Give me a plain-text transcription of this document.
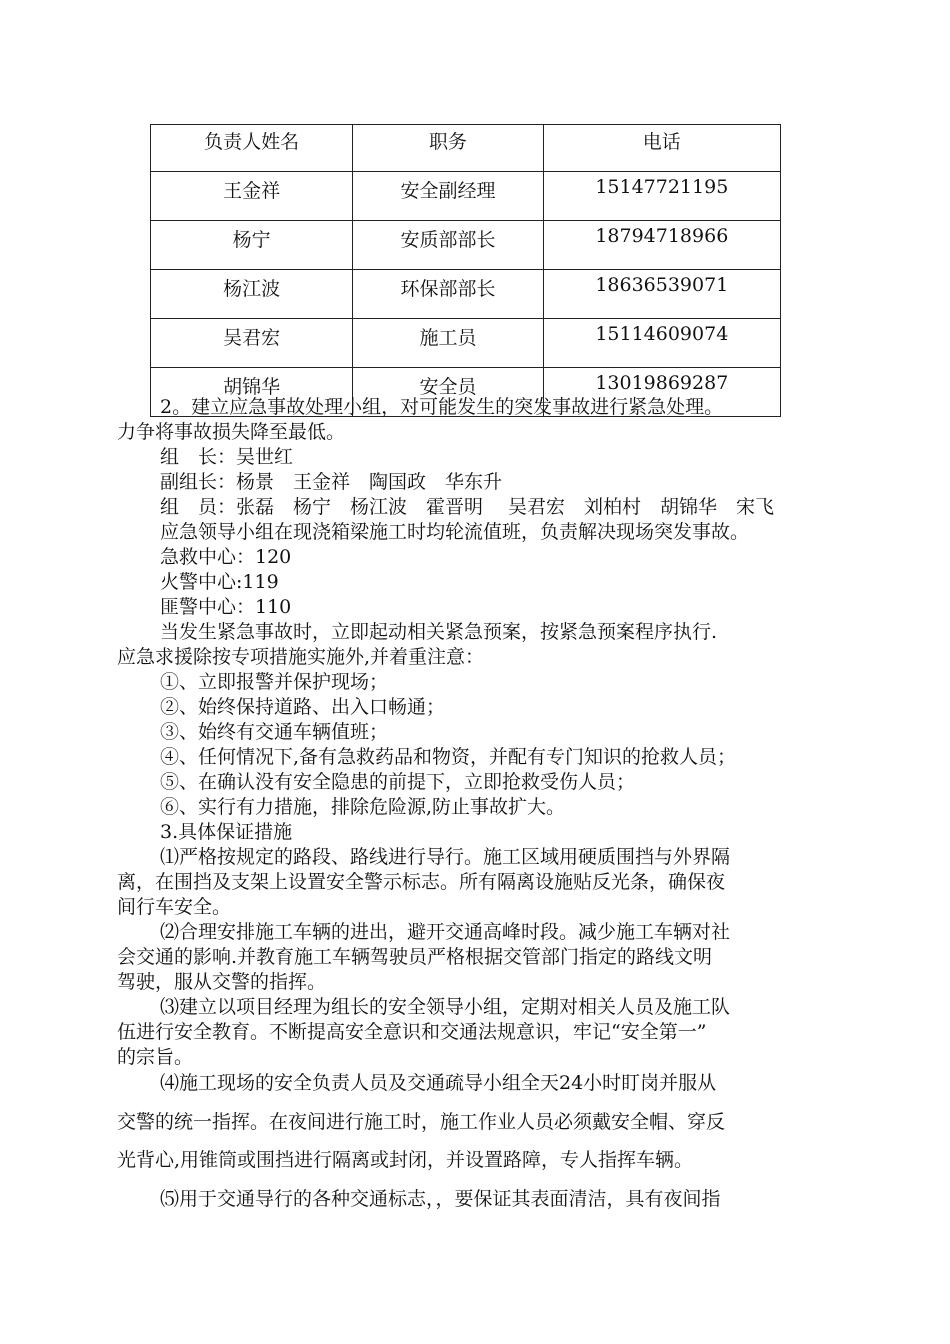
负责人姓名	职务	电话
王金祥	安全副经理	15147721195
杨宁	安质部部长	18794718966
杨江波	环保部部长	18636539071
吴君宏	施工员	15114609074
胡锦华	安全员	13019869287
2。建立应急事故处理小组，对可能发生的突发事故进行紧急处理。
力争将事故损失降至最低。
组　长：吴世红
副组长：杨景　王金祥　陶国政　华东升
组　员：张磊　杨宁　杨江波　霍晋明　 吴君宏　刘柏村　胡锦华　宋飞
应急领导小组在现浇箱梁施工时均轮流值班，负责解决现场突发事故。
急救中心：120
火警中心:119
匪警中心：110
当发生紧急事故时，立即起动相关紧急预案，按紧急预案程序执行.
应急求援除按专项措施实施外,并着重注意：
①、立即报警并保护现场；
②、始终保持道路、出入口畅通；
③、始终有交通车辆值班；
④、任何情况下,备有急救药品和物资，并配有专门知识的抢救人员；
⑤、在确认没有安全隐患的前提下，立即抢救受伤人员；
⑥、实行有力措施，排除危险源,防止事故扩大。
3.具体保证措施
⑴严格按规定的路段、路线进行导行。施工区域用硬质围挡与外界隔
离，在围挡及支架上设置安全警示标志。所有隔离设施贴反光条，确保夜
间行车安全。
⑵合理安排施工车辆的进出，避开交通高峰时段。减少施工车辆对社
会交通的影响.并教育施工车辆驾驶员严格根据交管部门指定的路线文明
驾驶，服从交警的指挥。
⑶建立以项目经理为组长的安全领导小组，定期对相关人员及施工队
伍进行安全教育。不断提高安全意识和交通法规意识，牢记“安全第一”
的宗旨。
⑷施工现场的安全负责人员及交通疏导小组全天24小时盯岗并服从
交警的统一指挥。在夜间进行施工时，施工作业人员必须戴安全帽、穿反
光背心,用锥筒或围挡进行隔离或封闭，并设置路障，专人指挥车辆。
⑸用于交通导行的各种交通标志，，要保证其表面清洁，具有夜间指
